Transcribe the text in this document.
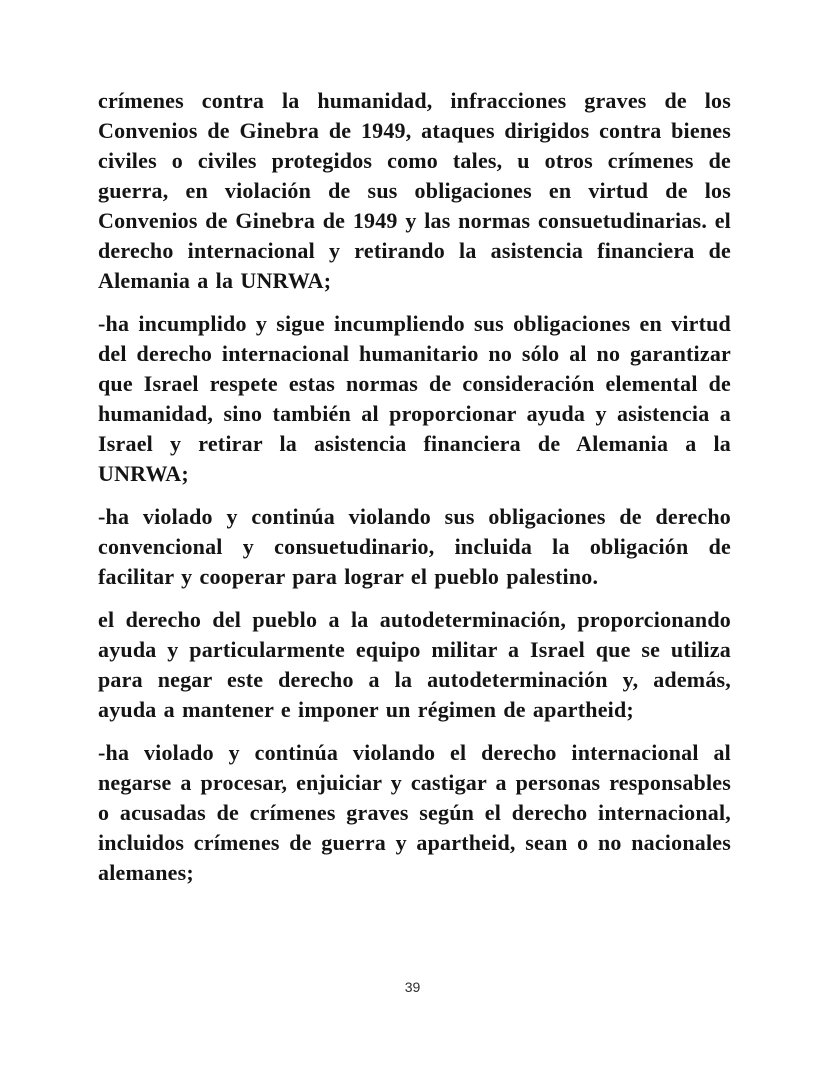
crímenes contra la humanidad, infracciones graves de los Convenios de Ginebra de 1949, ataques dirigidos contra bienes civiles o civiles protegidos como tales, u otros crímenes de guerra, en violación de sus obligaciones en virtud de los Convenios de Ginebra de 1949 y las normas consuetudinarias. el derecho internacional y retirando la asistencia financiera de Alemania a la UNRWA;

-ha incumplido y sigue incumpliendo sus obligaciones en virtud del derecho internacional humanitario no sólo al no garantizar que Israel respete estas normas de consideración elemental de humanidad, sino también al proporcionar ayuda y asistencia a Israel y retirar la asistencia financiera de Alemania a la UNRWA;

-ha violado y continúa violando sus obligaciones de derecho convencional y consuetudinario, incluida la obligación de facilitar y cooperar para lograr el pueblo palestino.

el derecho del pueblo a la autodeterminación, proporcionando ayuda y particularmente equipo militar a Israel que se utiliza para negar este derecho a la autodeterminación y, además, ayuda a mantener e imponer un régimen de apartheid;

-ha violado y continúa violando el derecho internacional al negarse a procesar, enjuiciar y castigar a personas responsables o acusadas de crímenes graves según el derecho internacional, incluidos crímenes de guerra y apartheid, sean o no nacionales alemanes;

39
